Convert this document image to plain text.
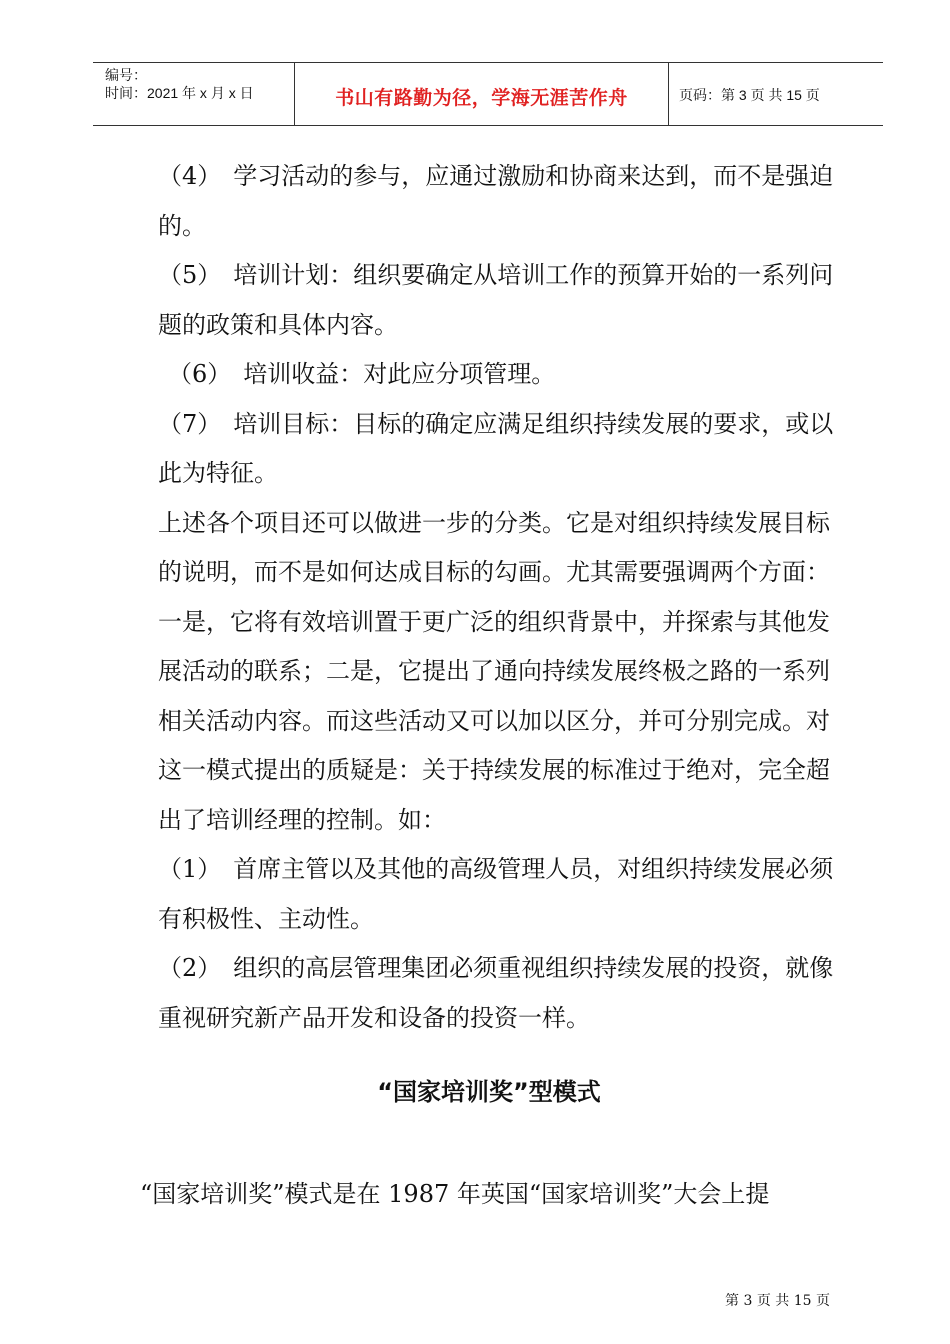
编号：
时间：2021 年 x 月 x 日	书山有路勤为径，学海无涯苦作舟	页码：第 3 页 共 15 页

（4）　学习活动的参与，应通过激励和协商来达到，而不是强迫的。

（5）　培训计划：组织要确定从培训工作的预算开始的一系列问题的政策和具体内容。

（6）　培训收益：对此应分项管理。

（7）　培训目标：目标的确定应满足组织持续发展的要求，或以此为特征。

上述各个项目还可以做进一步的分类。它是对组织持续发展目标的说明，而不是如何达成目标的勾画。尤其需要强调两个方面：一是，它将有效培训置于更广泛的组织背景中，并探索与其他发展活动的联系；二是，它提出了通向持续发展终极之路的一系列相关活动内容。而这些活动又可以加以区分，并可分别完成。对这一模式提出的质疑是：关于持续发展的标准过于绝对，完全超出了培训经理的控制。如：

（1）　首席主管以及其他的高级管理人员，对组织持续发展必须有积极性、主动性。

（2）　组织的高层管理集团必须重视组织持续发展的投资，就像重视研究新产品开发和设备的投资一样。

“国家培训奖”型模式
“国家培训奖”模式是在 1987 年英国“国家培训奖”大会上提
第 3 页 共 15 页
